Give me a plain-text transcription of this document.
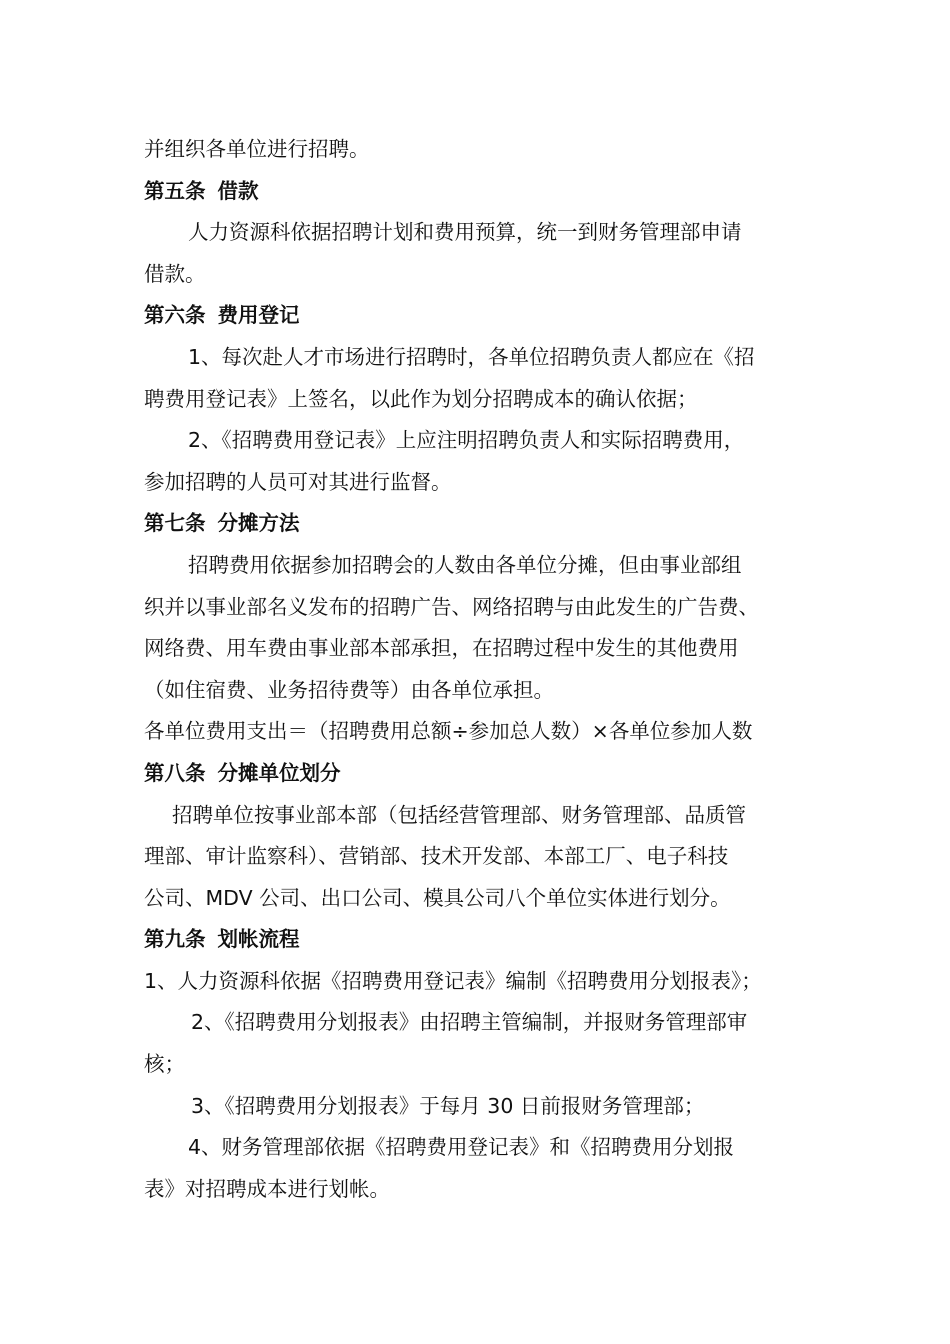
并组织各单位进行招聘。
第五条 借款
人力资源科依据招聘计划和费用预算，统一到财务管理部申请
借款。
第六条 费用登记
1、每次赴人才市场进行招聘时，各单位招聘负责人都应在《招
聘费用登记表》上签名，以此作为划分招聘成本的确认依据；
2、《招聘费用登记表》上应注明招聘负责人和实际招聘费用，
参加招聘的人员可对其进行监督。
第七条 分摊方法
招聘费用依据参加招聘会的人数由各单位分摊，但由事业部组
织并以事业部名义发布的招聘广告、网络招聘与由此发生的广告费、
网络费、用车费由事业部本部承担，在招聘过程中发生的其他费用
（如住宿费、业务招待费等）由各单位承担。
各单位费用支出＝（招聘费用总额÷参加总人数）×各单位参加人数
第八条 分摊单位划分
招聘单位按事业部本部（包括经营管理部、财务管理部、品质管
理部、审计监察科）、营销部、技术开发部、本部工厂、电子科技
公司、MDV 公司、出口公司、模具公司八个单位实体进行划分。
第九条 划帐流程
1、人力资源科依据《招聘费用登记表》编制《招聘费用分划报表》；
2、《招聘费用分划报表》由招聘主管编制，并报财务管理部审
核；
3、《招聘费用分划报表》于每月 30 日前报财务管理部；
4、财务管理部依据《招聘费用登记表》和《招聘费用分划报
表》对招聘成本进行划帐。
